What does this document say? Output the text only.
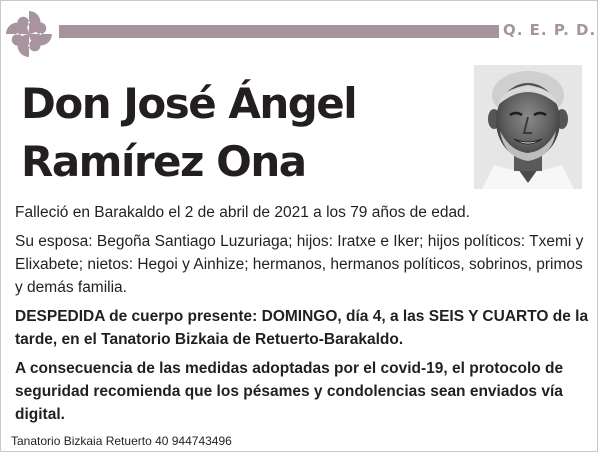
Q. E. P. D.
Don José Ángel
Ramírez Ona

Falleció en Barakaldo el 2 de abril de 2021 a los 79 años de edad.

Su esposa: Begoña Santiago Luzuriaga; hijos: Iratxe e Iker; hijos políticos: Txemi y Elixabete; nietos: Hegoi y Ainhize; hermanos, hermanos políticos, sobrinos, primos y demás familia.

DESPEDIDA de cuerpo presente: DOMINGO, día 4, a las SEIS Y CUARTO de la tarde, en el Tanatorio Bizkaia de Retuerto-Barakaldo.

A consecuencia de las medidas adoptadas por el covid-19, el protocolo de seguridad recomienda que los pésames y condolencias sean enviados vía digital.

Tanatorio Bizkaia Retuerto 40 944743496
